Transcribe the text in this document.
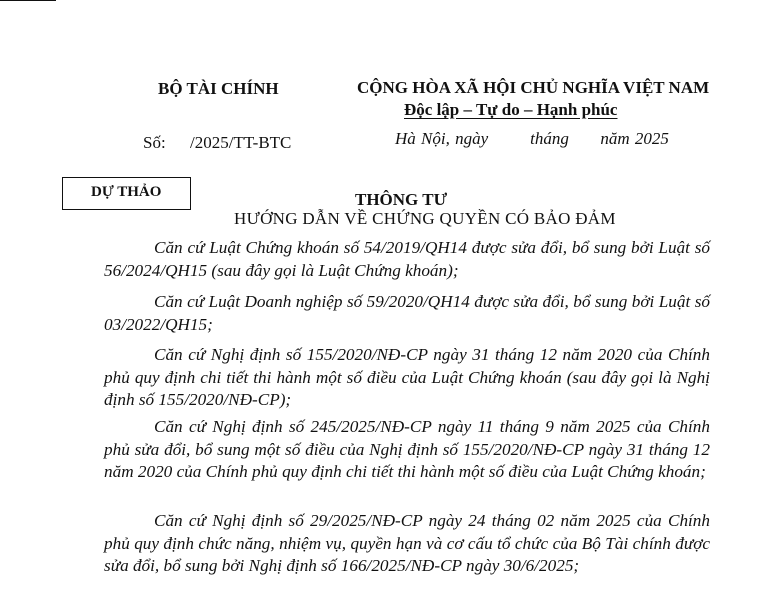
BỘ TÀI CHÍNH
Số: /2025/TT-BTC
CỘNG HÒA XÃ HỘI CHỦ NGHĨA VIỆT NAM
Độc lập – Tự do – Hạnh phúc
Hà Nội, ngày        tháng      năm 2025
DỰ THẢO	THÔNG TƯ
HƯỚNG DẪN VỀ CHỨNG QUYỀN CÓ BẢO ĐẢM

Căn cứ Luật Chứng khoán số 54/2019/QH14 được sửa đổi, bổ sung bởi Luật số 56/2024/QH15 (sau đây gọi là Luật Chứng khoán);

Căn cứ Luật Doanh nghiệp số 59/2020/QH14 được sửa đổi, bổ sung bởi Luật số 03/2022/QH15;

Căn cứ Nghị định số 155/2020/NĐ-CP ngày 31 tháng 12 năm 2020 của Chính phủ quy định chi tiết thi hành một số điều của Luật Chứng khoán (sau đây gọi là Nghị định số 155/2020/NĐ-CP);

Căn cứ Nghị định số 245/2025/NĐ-CP ngày 11 tháng 9 năm 2025 của Chính phủ sửa đổi, bổ sung một số điều của Nghị định số 155/2020/NĐ-CP ngày 31 tháng 12 năm 2020 của Chính phủ quy định chi tiết thi hành một số điều của Luật Chứng khoán;

Căn cứ Nghị định số 29/2025/NĐ-CP ngày 24 tháng 02 năm 2025 của Chính phủ quy định chức năng, nhiệm vụ, quyền hạn và cơ cấu tổ chức của Bộ Tài chính được sửa đổi, bổ sung bởi Nghị định số 166/2025/NĐ-CP ngày 30/6/2025;
